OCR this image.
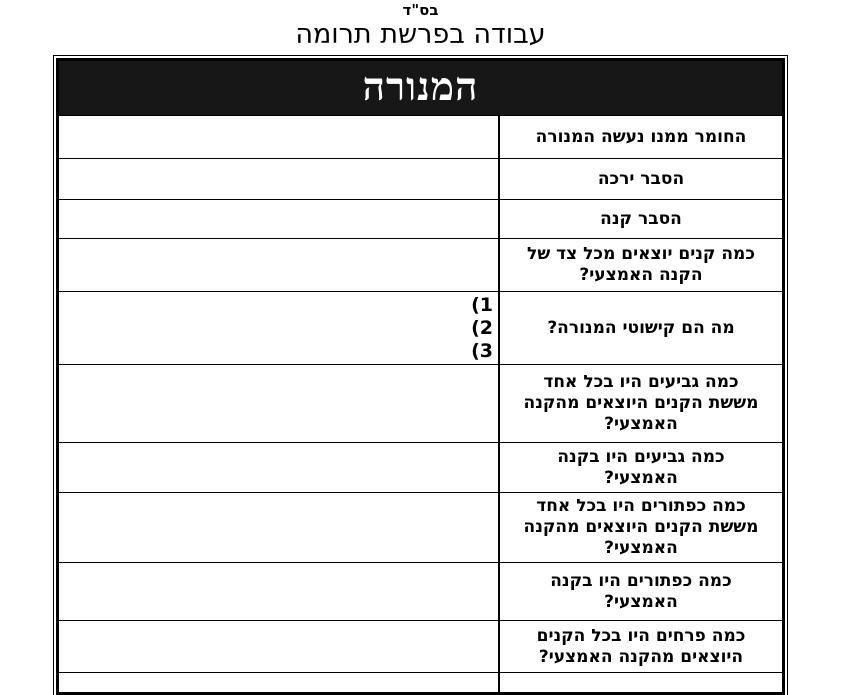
בס"ד
עבודה בפרשת תרומה
המנורה
החומר ממנו נעשה המנורה
הסבר ירכה
הסבר קנה
כמה קנים יוצאים מכל צד של
הקנה האמצעי?
(1
(2
(3
מה הם קישוטי המנורה?
כמה גביעים היו בכל אחד
מששת הקנים היוצאים מהקנה
האמצעי?
כמה גביעים היו בקנה
האמצעי?
כמה כפתורים היו בכל אחד
מששת הקנים היוצאים מהקנה
האמצעי?
כמה כפתורים היו בקנה
האמצעי?
כמה פרחים היו בכל הקנים
היוצאים מהקנה האמצעי?
